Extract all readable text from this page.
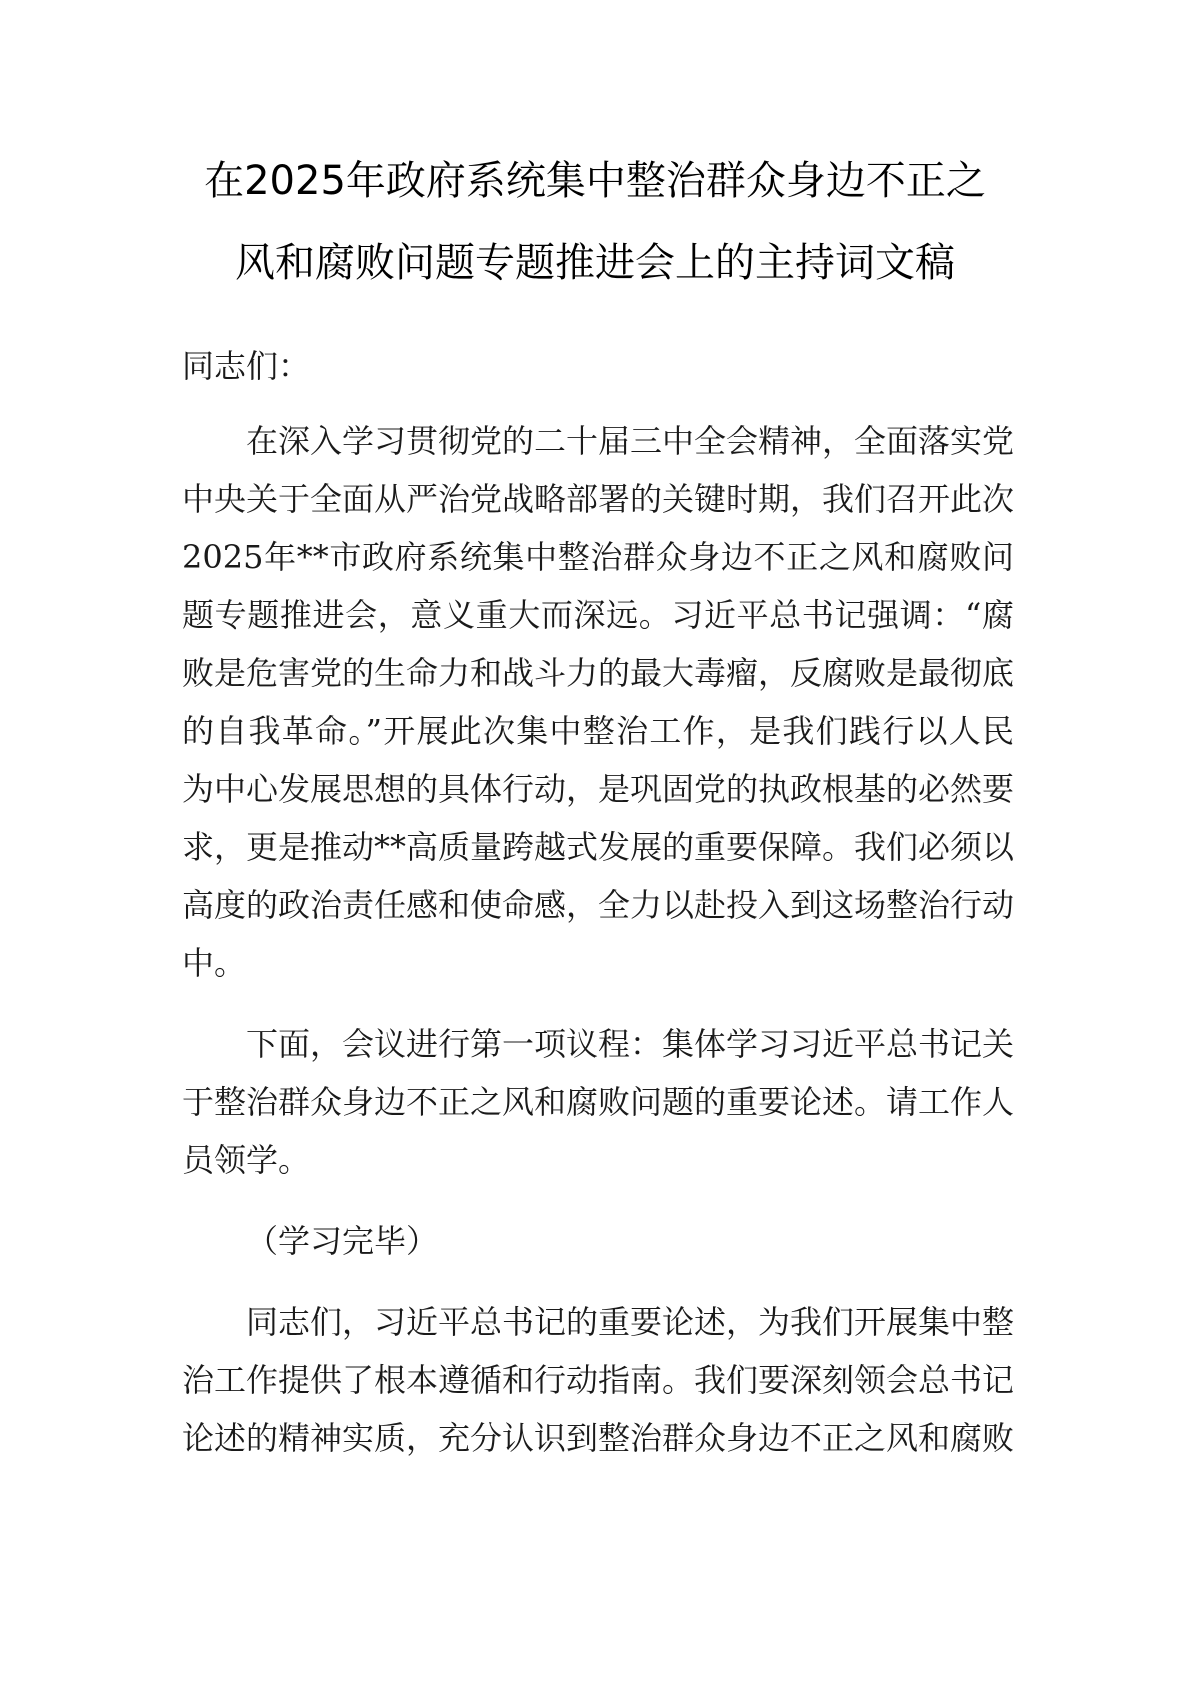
在2025年政府系统集中整治群众身边不正之
风和腐败问题专题推进会上的主持词文稿

同志们：

在深入学习贯彻党的二十届三中全会精神，全面落实党中央关于全面从严治党战略部署的关键时期，我们召开此次2025年**市政府系统集中整治群众身边不正之风和腐败问题专题推进会，意义重大而深远。习近平总书记强调：“腐败是危害党的生命力和战斗力的最大毒瘤，反腐败是最彻底的自我革命。”开展此次集中整治工作，是我们践行以人民为中心发展思想的具体行动，是巩固党的执政根基的必然要求，更是推动**高质量跨越式发展的重要保障。我们必须以高度的政治责任感和使命感，全力以赴投入到这场整治行动中。

下面，会议进行第一项议程：集体学习习近平总书记关于整治群众身边不正之风和腐败问题的重要论述。请工作人员领学。

（学习完毕）

同志们，习近平总书记的重要论述，为我们开展集中整治工作提供了根本遵循和行动指南。我们要深刻领会总书记论述的精神实质，充分认识到整治群众身边不正之风和腐败
